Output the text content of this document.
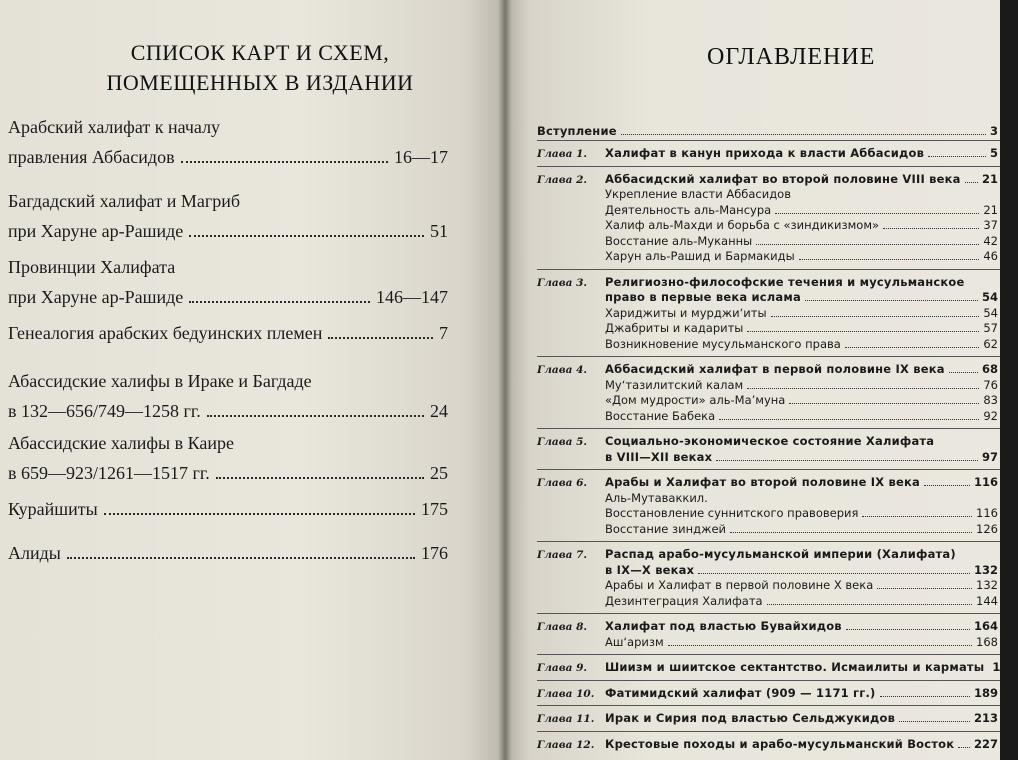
СПИСОК КАРТ И СХЕМ,
ПОМЕЩЕННЫХ В ИЗДАНИИ
Арабский халифат к началу
правления Аббасидов	16—17
Багдадский халифат и Магриб
при Харуне ар-Рашиде	51
Провинции Халифата
при Харуне ар-Рашиде	146—147
Генеалогия арабских бедуинских племен	7
Абассидские халифы в Ираке и Багдаде
в 132—656/749—1258 гг.	24
Абассидские халифы в Каире
в 659—923/1261—1517 гг.	25
Курайшиты	175
Алиды	176
ОГЛАВЛЕНИЕ
Вступление	3
Глава 1.	Халифат в канун прихода к власти Аббасидов	5
Глава 2.	Аббасидский халифат во второй половине VIII века 21
Укрепление власти Аббасидов
Деятельность аль-Мансура	21
Халиф аль-Махди и борьба с «зиндикизмом»	37
Восстание аль-Муканны	42
Харун аль-Рашид и Бармакиды	46
Глава 3.	Религиозно-философские течения и мусульманское
право в первые века ислама	54
Хариджиты и мурджи‘иты	54
Джабриты и кадариты	57
Возникновение мусульманского права	62
Глава 4.	Аббасидский халифат в первой половине IX века	68
Му‘тазилитский калам	76
«Дом мудрости» аль-Ма’муна	83
Восстание Бабека	92
Глава 5.	Социально-экономическое состояние Халифата
в VIII—XII веках	97
Глава 6.	Арабы и Халифат во второй половине IX века	116
Аль-Мутаваккил.
Восстановление суннитского правоверия	116
Восстание зинджей	126
Глава 7.	Распад арабо-мусульманской империи (Халифата)
в IX—X веках	132
Арабы и Халифат в первой половине X века	132
Дезинтеграция Халифата	144
Глава 8.	Халифат под властью Бувайхидов	164
Аш‘аризм	168
Глава 9.	Шиизм и шиитское сектантство. Исмаилиты и карматы 174
Глава 10. Фатимидский халифат (909 — 1171 гг.)	189
Глава 11. Ирак и Сирия под властью Сельджукидов	213
Глава 12. Крестовые походы и арабо-мусульманский Восток 227
